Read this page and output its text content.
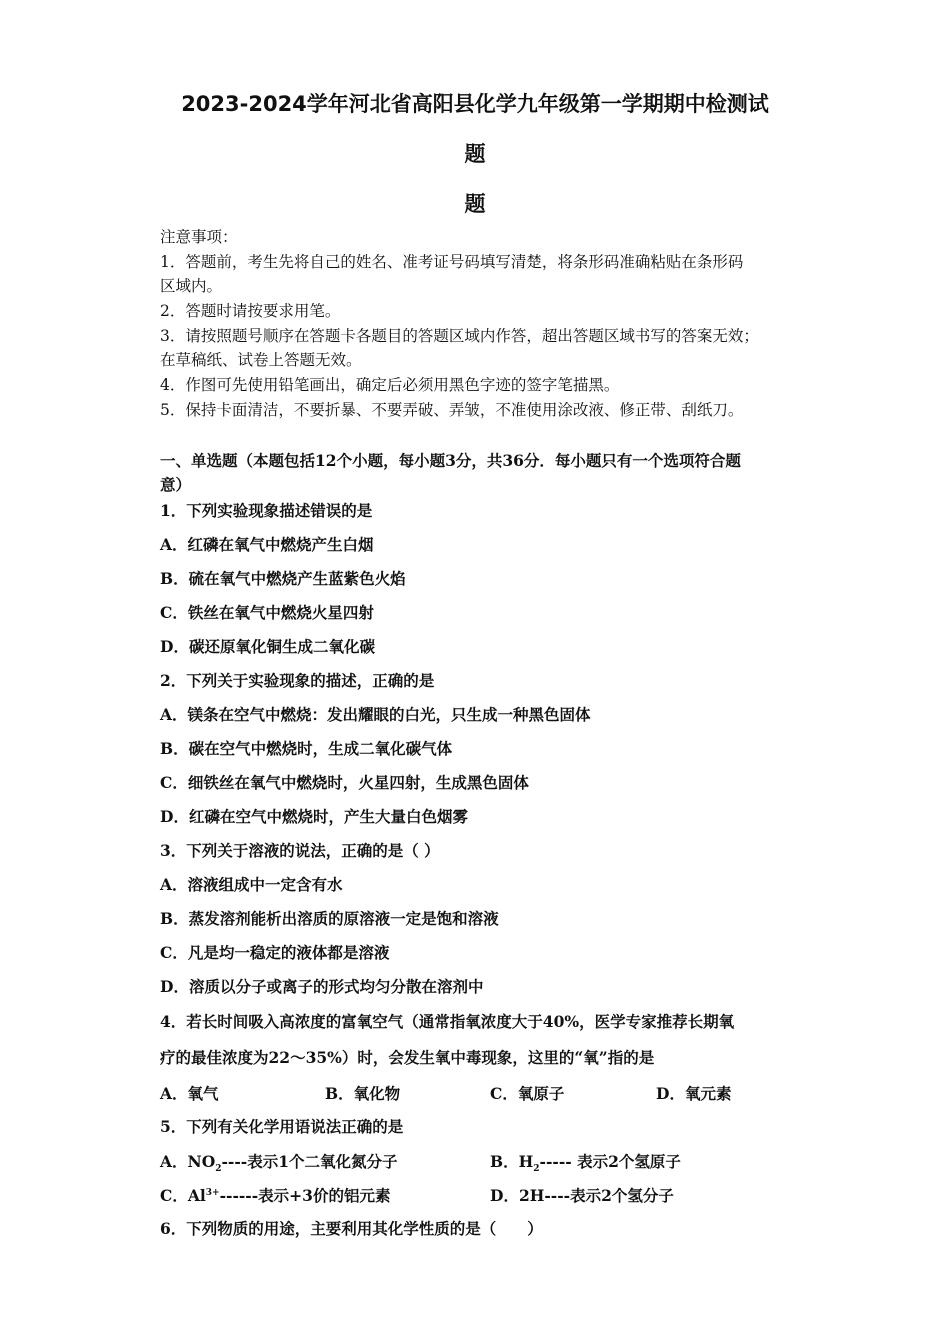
2023-2024学年河北省高阳县化学九年级第一学期期中检测试
题
题
注意事项：
1．答题前，考生先将自己的姓名、准考证号码填写清楚，将条形码准确粘贴在条形码
区域内。
2．答题时请按要求用笔。
3．请按照题号顺序在答题卡各题目的答题区域内作答，超出答题区域书写的答案无效；
在草稿纸、试卷上答题无效。
4．作图可先使用铅笔画出，确定后必须用黑色字迹的签字笔描黑。
5．保持卡面清洁，不要折暴、不要弄破、弄皱，不准使用涂改液、修正带、刮纸刀。
一、单选题（本题包括12个小题，每小题3分，共36分．每小题只有一个选项符合题
意）
1．下列实验现象描述错误的是
A．红磷在氧气中燃烧产生白烟
B．硫在氧气中燃烧产生蓝紫色火焰
C．铁丝在氧气中燃烧火星四射
D．碳还原氧化铜生成二氧化碳
2．下列关于实验现象的描述，正确的是
A．镁条在空气中燃烧：发出耀眼的白光，只生成一种黑色固体
B．碳在空气中燃烧时，生成二氧化碳气体
C．细铁丝在氧气中燃烧时，火星四射，生成黑色固体
D．红磷在空气中燃烧时，产生大量白色烟雾
3．下列关于溶液的说法，正确的是（ ）
A．溶液组成中一定含有水
B．蒸发溶剂能析出溶质的原溶液一定是饱和溶液
C．凡是均一稳定的液体都是溶液
D．溶质以分子或离子的形式均匀分散在溶剂中
4．若长时间吸入高浓度的富氧空气（通常指氧浓度大于40%，医学专家推荐长期氧
疗的最佳浓度为22～35%）时，会发生氧中毒现象，这里的“氧”指的是
A．氧气	B．氧化物	C．氧原子	D．氧元素
5．下列有关化学用语说法正确的是
A．$NO_2----$表示1个二氧化氮分子	B．$H_2-----$ 表示2个氢原子
C．$Al^{3+}------$表示+3价的铝元素	D．2H----表示2个氢分子
6．下列物质的用途，主要利用其化学性质的是（　　）
